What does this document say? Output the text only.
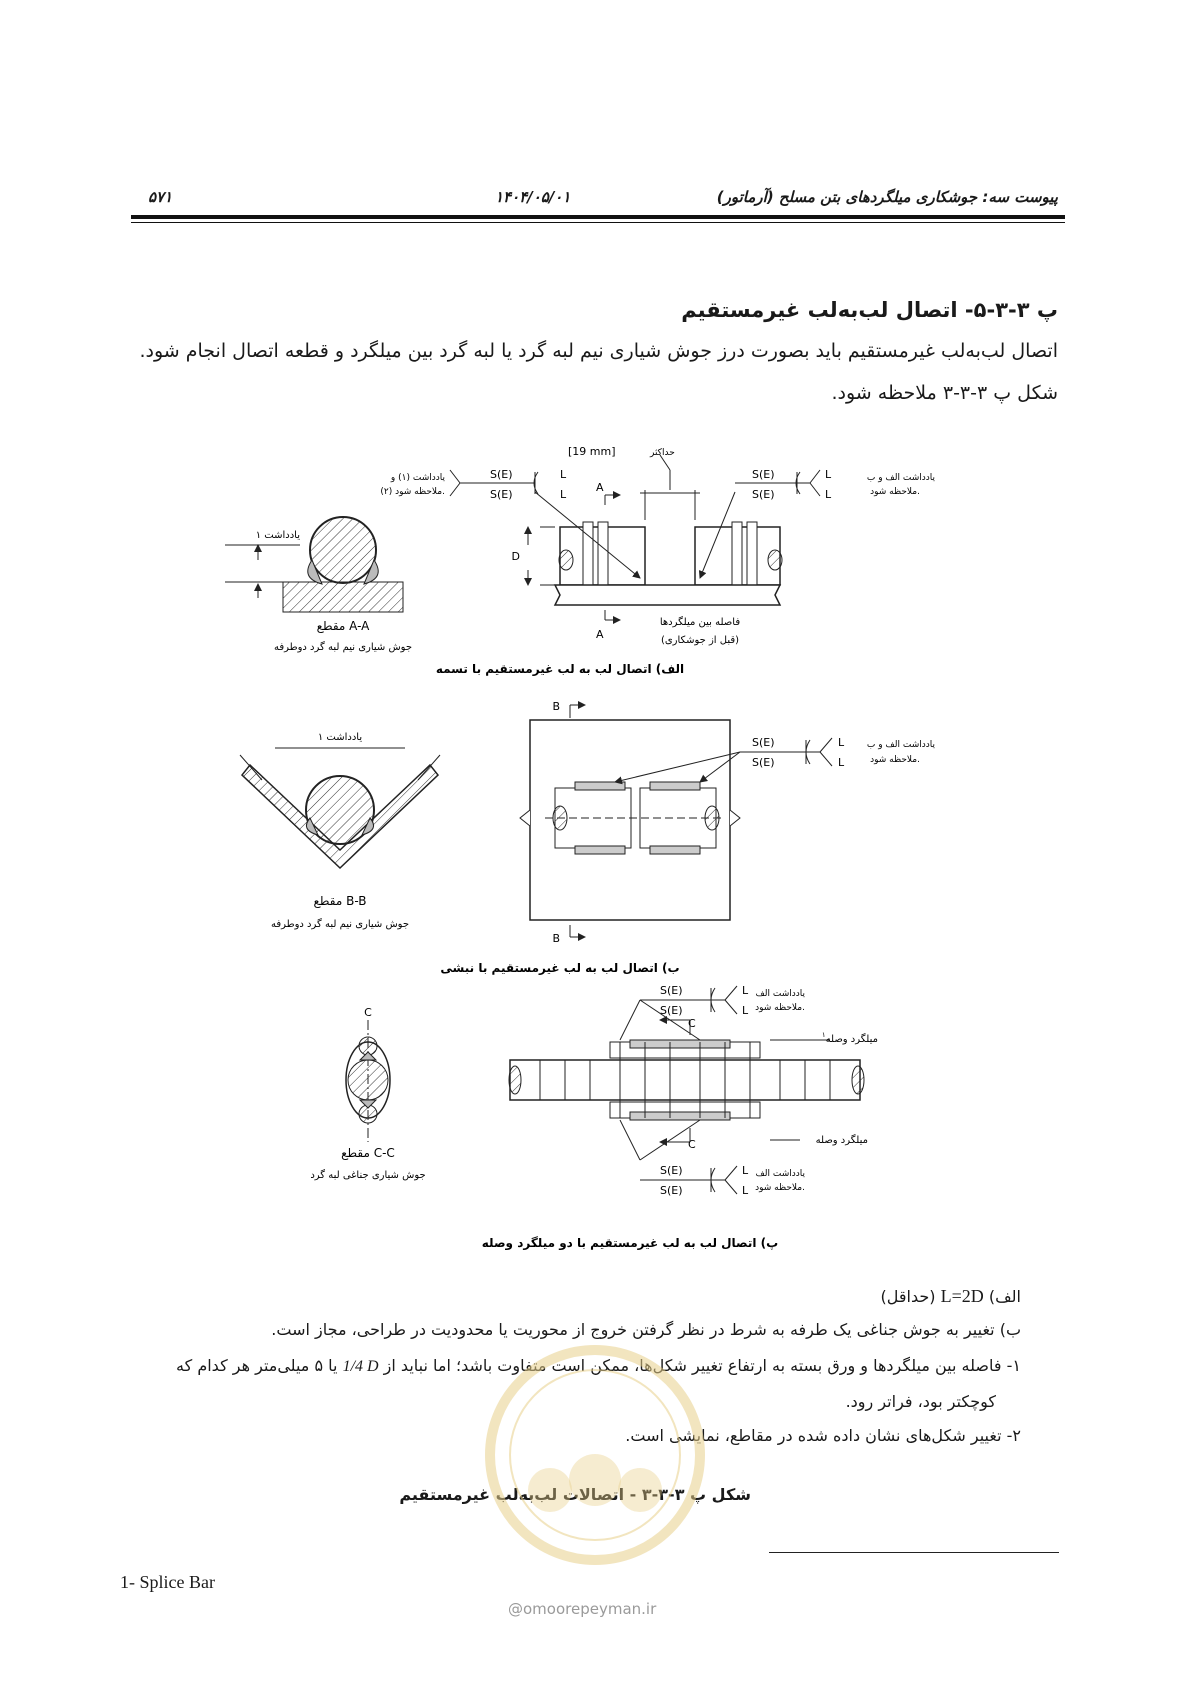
۵۷۱	۱۴۰۴/۰۵/۰۱	پیوست سه: جوشکاری میلگردهای بتن مسلح (آرماتور)
پ ۳-۳-۵- اتصال لب‌به‌لب غیرمستقیم
اتصال لب‌به‌لب غیرمستقیم باید بصورت درز جوش شیاری نیم لبه گرد یا لبه گرد بین میلگرد و قطعه اتصال انجام شود.
شکل پ ۳-۳-۳ ملاحظه شود.
یادداشت ۱
مقطع A-A
جوش شیاری نیم لبه گرد دوطرفه
A
A
D
[19 mm]	حداکثر
فاصله بین میلگردها
(قبل از جوشکاری)
S(E)
S(E)
L
L
یادداشت (۱) و
(۲) ملاحظه شود.
S(E)
S(E)
L
L
یادداشت الف و ب
ملاحظه شود.
الف) اتصال لب به لب غیرمستقیم با تسمه
یادداشت ۱
مقطع B-B
جوش شیاری نیم لبه گرد دوطرفه
B
B
S(E)
S(E)
L
L
یادداشت الف و ب
ملاحظه شود.
ب) اتصال لب به لب غیرمستقیم با نبشی
C
مقطع C-C
جوش شیاری جناغی لبه گرد
C
C
میلگرد وصله$^۱$
میلگرد وصله
S(E)
S(E)
L
L
یادداشت الف
ملاحظه شود.
S(E)
S(E)
L
L
یادداشت الف
ملاحظه شود.
پ) اتصال لب به لب غیرمستقیم با دو میلگرد وصله
الف) L=2D (حداقل)
ب) تغییر به جوش جناغی یک طرفه به شرط در نظر گرفتن خروج از محوریت یا محدودیت در طراحی، مجاز است.
۱- فاصله بین میلگردها و ورق بسته به ارتفاع تغییر شکل‌ها، ممکن است متفاوت باشد؛ اما نباید از 1/4 D یا ۵ میلی‌متر هر کدام که
کوچکتر بود، فراتر رود.
۲- تغییر شکل‌های نشان داده شده در مقاطع، نمایشی است.
شکل پ ۳-۳-۳ - اتصالات لب‌به‌لب غیرمستقیم
1- Splice Bar
@omoorepeyman.ir
